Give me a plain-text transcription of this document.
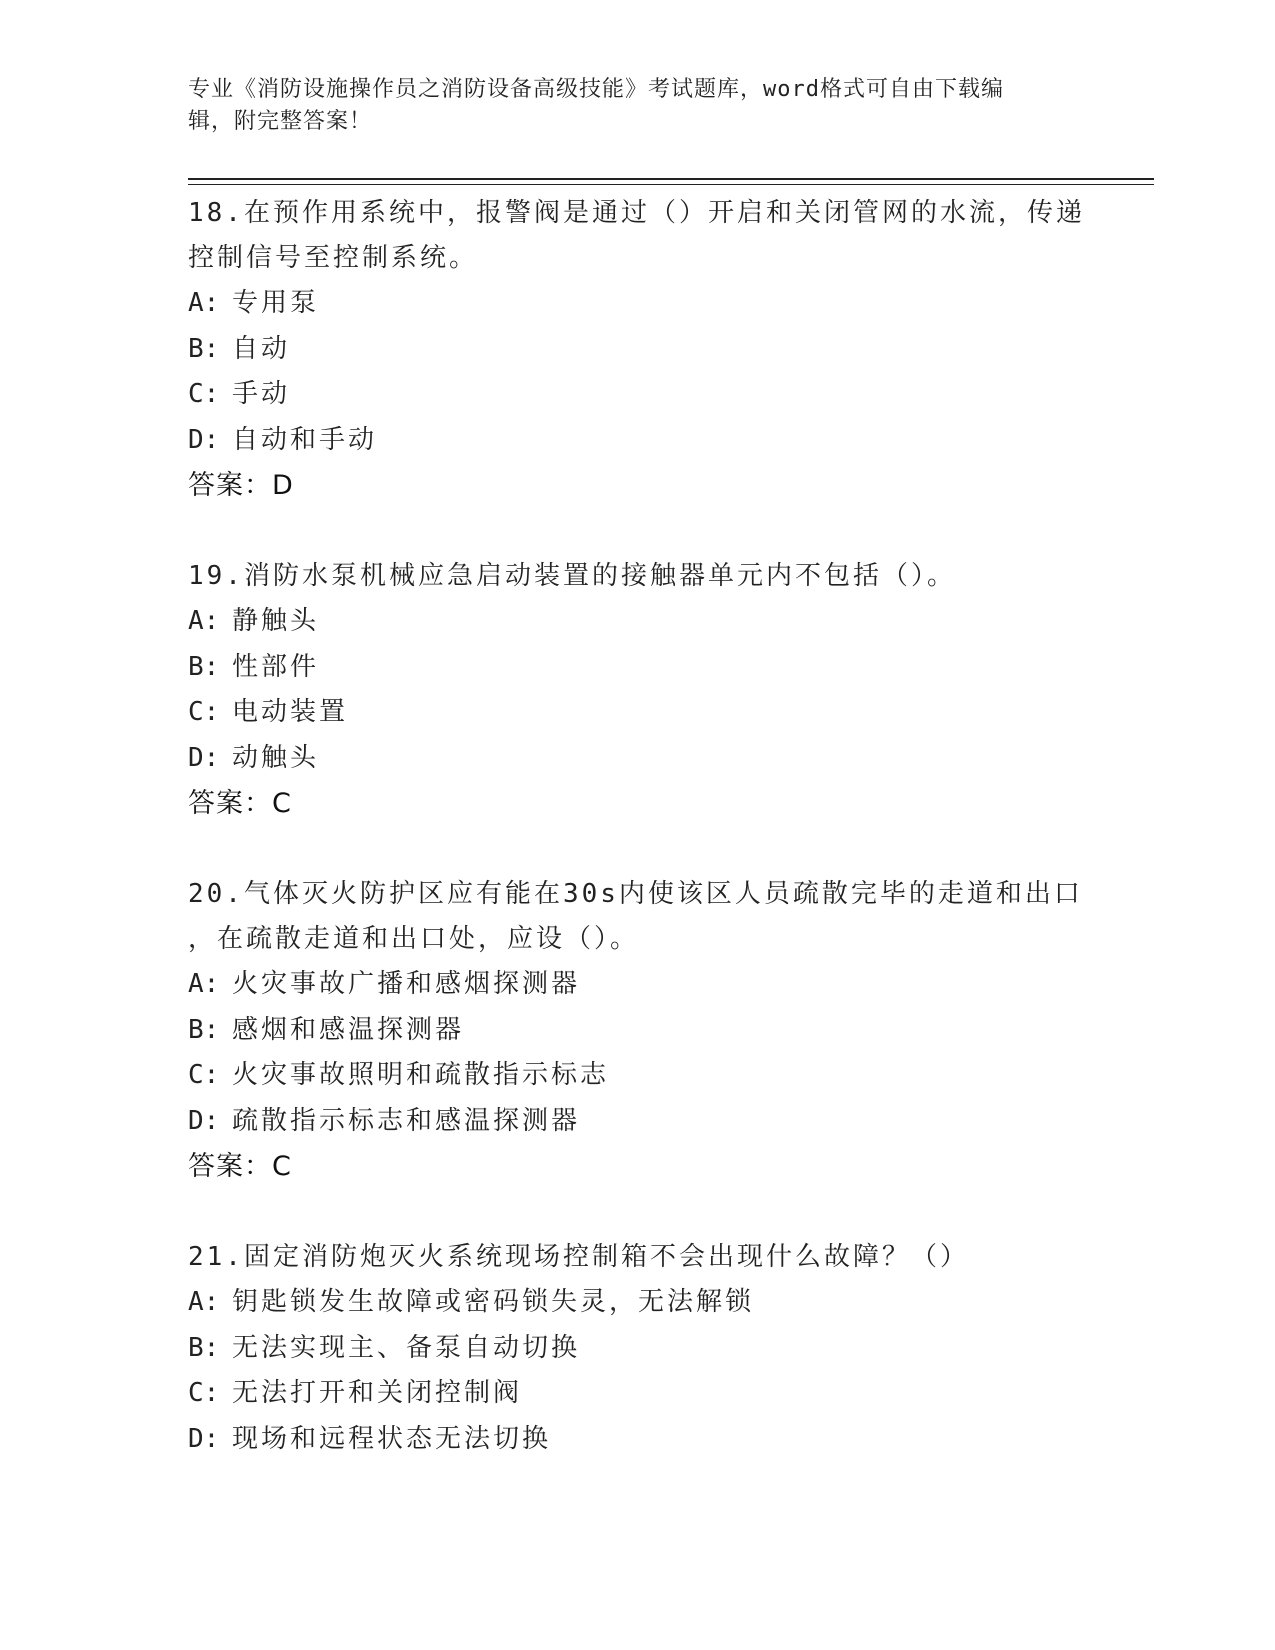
专业《消防设施操作员之消防设备高级技能》考试题库，word格式可自由下载编
辑，附完整答案！
18.在预作用系统中，报警阀是通过（）开启和关闭管网的水流，传递
控制信号至控制系统。
A: 专用泵
B: 自动
C: 手动
D: 自动和手动
答案：D
19.消防水泵机械应急启动装置的接触器单元内不包括（）。
A: 静触头
B: 性部件
C: 电动装置
D: 动触头
答案：C
20.气体灭火防护区应有能在30s内使该区人员疏散完毕的走道和出口
，在疏散走道和出口处，应设（）。
A: 火灾事故广播和感烟探测器
B: 感烟和感温探测器
C: 火灾事故照明和疏散指示标志
D: 疏散指示标志和感温探测器
答案：C
21.固定消防炮灭火系统现场控制箱不会出现什么故障？（）
A: 钥匙锁发生故障或密码锁失灵，无法解锁
B: 无法实现主、备泵自动切换
C: 无法打开和关闭控制阀
D: 现场和远程状态无法切换
